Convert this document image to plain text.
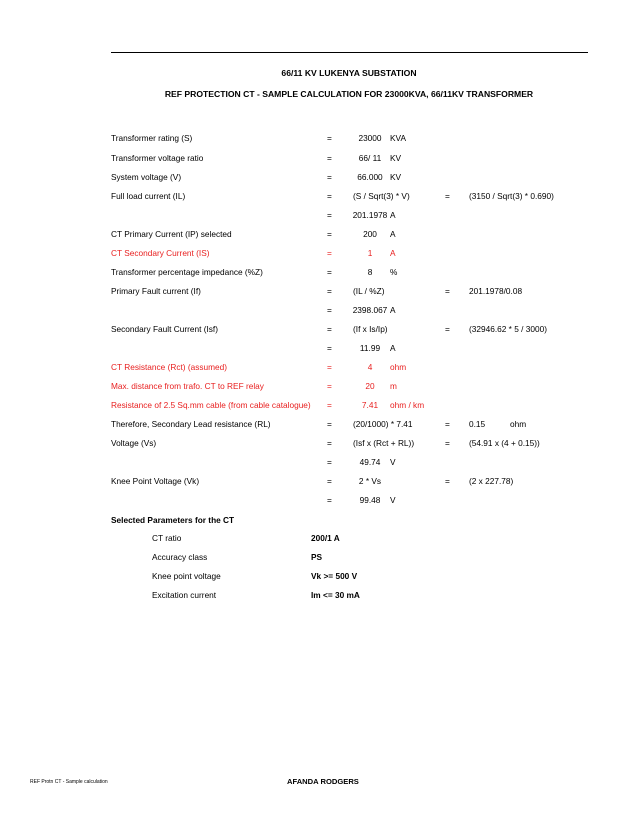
66/11 KV LUKENYA SUBSTATION
REF PROTECTION CT - SAMPLE CALCULATION FOR 23000KVA, 66/11KV TRANSFORMER
Transformer rating (S)	=	23000	KVA
Transformer voltage ratio	=	66/ 11	KV
System voltage (V)	=	66.000 KV
Full load current (IL)	=	(S / Sqrt(3) * V)	= (3150 / Sqrt(3) * 0.690)
=	201.1978 A
CT Primary Current (IP) selected	=	200	A
CT Secondary Current (IS)	=	1	A
Transformer percentage impedance (%Z)	=	8	%
Primary Fault current (If)	=	(IL / %Z)	= 201.1978/0.08
=	2398.067 A
Secondary Fault Current (Isf)	=	(If x Is/Ip)	= (32946.62 * 5 / 3000)
=	11.99	A
CT Resistance (Rct) (assumed)	=	4	ohm
Max. distance from trafo. CT to REF relay	=	20	m
Resistance of 2.5 Sq.mm cable (from cable catalogue) =	7.41	ohm / km
Therefore, Secondary Lead resistance (RL)	=	(20/1000) * 7.41	= 0.15	ohm
Voltage (Vs)	=	(Isf x (Rct + RL))	= (54.91 x (4 + 0.15))
=	49.74	V
Knee Point Voltage (Vk)	=	2 * Vs	= (2 x 227.78)
=	99.48	V
Selected Parameters for the CT
CT ratio	200/1 A
Accuracy class	PS
Knee point voltage	Vk >= 500 V
Excitation current	Im <= 30 mA
REF Protn CT - Sample calculation	AFANDA RODGERS
